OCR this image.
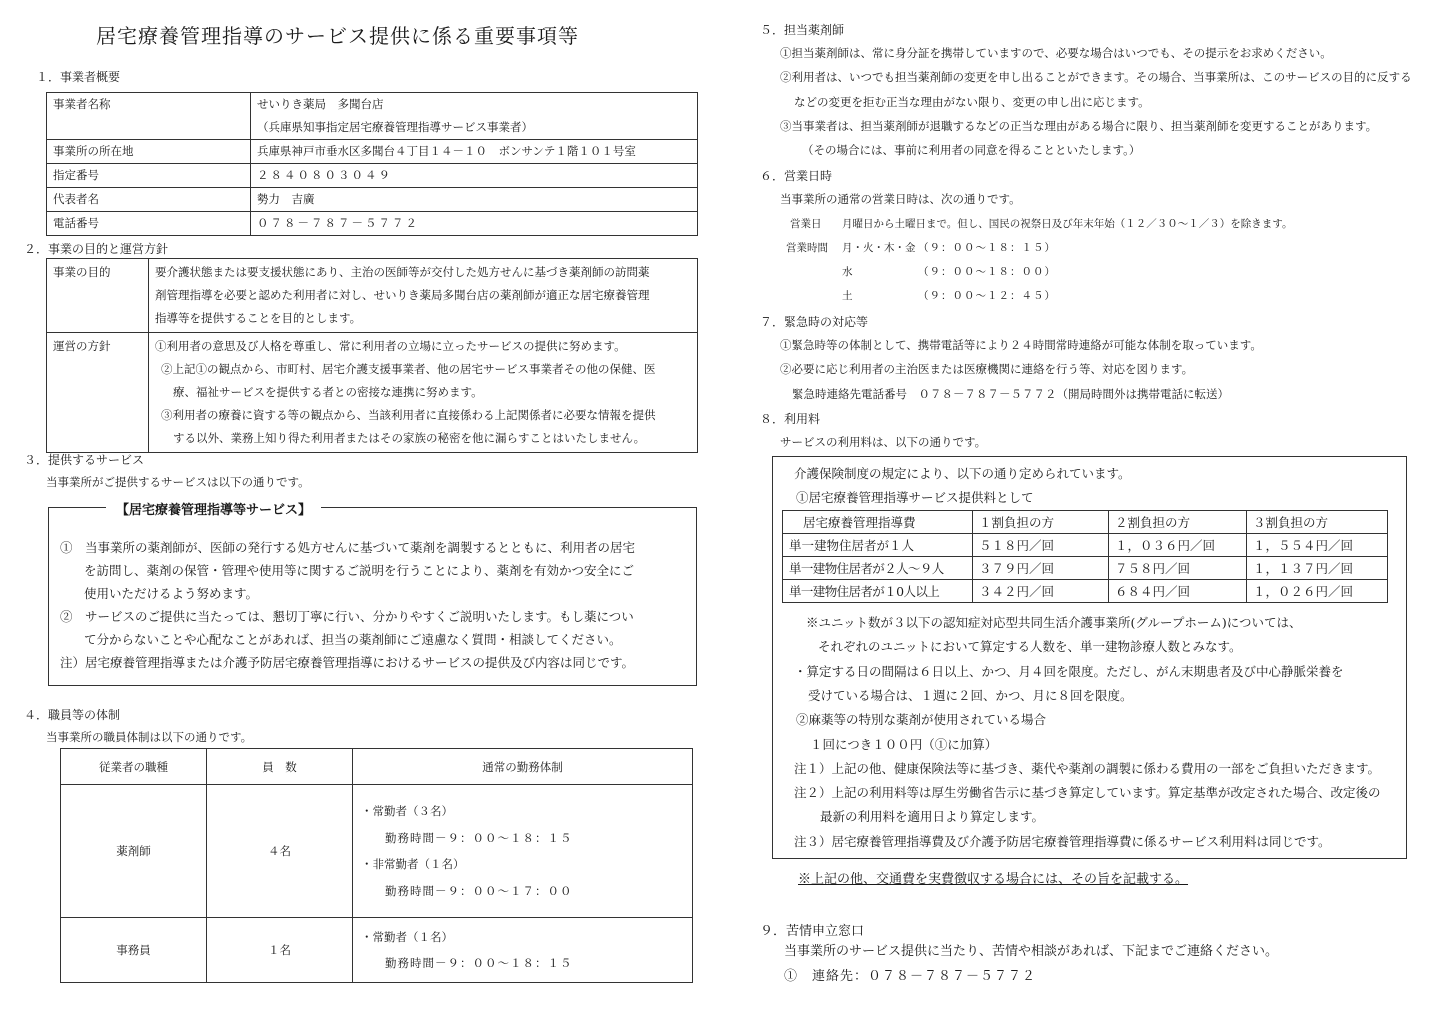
居宅療養管理指導のサービス提供に係る重要事項等
１．事業者概要
事業者名称	せいりき薬局　多聞台店
（兵庫県知事指定居宅療養管理指導サービス事業者）

事業所の所在地	兵庫県神戸市垂水区多聞台４丁目１４－１０　ボンサンテ１階１０１号室
指定番号	２８４０８０３０４９
代表者名	勢力　吉廣
電話番号	０７８－７８７－５７７２
２．事業の目的と運営方針
事業の目的	要介護状態または要支援状態にあり、主治の医師等が交付した処方せんに基づき薬剤師の訪問薬
剤管理指導を必要と認めた利用者に対し、せいりき薬局多聞台店の薬剤師が適正な居宅療養管理
指導等を提供することを目的とします。

運営の方針	①利用者の意思及び人格を尊重し、常に利用者の立場に立ったサービスの提供に努めます。
②上記①の観点から、市町村、居宅介護支援事業者、他の居宅サービス事業者その他の保健、医
療、福祉サービスを提供する者との密接な連携に努めます。
③利用者の療養に資する等の観点から、当該利用者に直接係わる上記関係者に必要な情報を提供
する以外、業務上知り得た利用者またはその家族の秘密を他に漏らすことはいたしません。
３．提供するサービス
当事業所がご提供するサービスは以下の通りです。
【居宅療養管理指導等サービス】
①　当事業所の薬剤師が、医師の発行する処方せんに基づいて薬剤を調製するとともに、利用者の居宅
を訪問し、薬剤の保管・管理や使用等に関するご説明を行うことにより、薬剤を有効かつ安全にご
使用いただけるよう努めます。
②　サービスのご提供に当たっては、懇切丁寧に行い、分かりやすくご説明いたします。もし薬につい
て分からないことや心配なことがあれば、担当の薬剤師にご遠慮なく質問・相談してください。
注）居宅療養管理指導または介護予防居宅療養管理指導におけるサービスの提供及び内容は同じです。
４．職員等の体制
当事業所の職員体制は以下の通りです。
従業者の職種	員　数	通常の勤務体制
薬剤師	４名	・常勤者（３名）
勤務時間－９：００～１８：１５
・非常勤者（１名）
勤務時間－９：００～１７：００

事務員	１名	・常勤者（１名）
勤務時間－９：００～１８：１５
５．担当薬剤師
①担当薬剤師は、常に身分証を携帯していますので、必要な場合はいつでも、その提示をお求めください。
②利用者は、いつでも担当薬剤師の変更を申し出ることができます。その場合、当事業所は、このサービスの目的に反する
などの変更を拒む正当な理由がない限り、変更の申し出に応じます。
③当事業者は、担当薬剤師が退職するなどの正当な理由がある場合に限り、担当薬剤師を変更することがあります。
（その場合には、事前に利用者の同意を得ることといたします。）
６．営業日時
当事業所の通常の営業日時は、次の通りです。
営業日 月曜日から土曜日まで。但し、国民の祝祭日及び年末年始（１２／３０～１／３）を除きます。
営業時間 月・火・木・金 （９：００～１８：１５）
水	（９：００～１８：００）
土	（９：００～１２：４５）
７．緊急時の対応等
①緊急時等の体制として、携帯電話等により２４時間常時連絡が可能な体制を取っています。
②必要に応じ利用者の主治医または医療機関に連絡を行う等、対応を図ります。
緊急時連絡先電話番号　０７８－７８７－５７７２（開局時間外は携帯電話に転送）
８．利用料
サービスの利用料は、以下の通りです。
介護保険制度の規定により、以下の通り定められています。
①居宅療養管理指導サービス提供料として
居宅療養管理指導費	１割負担の方	２割負担の方	３割負担の方
単一建物住居者が１人	５１８円／回	１，０３６円／回	１，５５４円／回
単一建物住居者が２人～９人	３７９円／回	７５８円／回	１，１３７円／回
単一建物住居者が１0人以上	３４２円／回	６８４円／回	１，０２６円／回
※ユニット数が３以下の認知症対応型共同生活介護事業所(グループホーム)については、
それぞれのユニットにおいて算定する人数を、単一建物診療人数とみなす。
・算定する日の間隔は６日以上、かつ、月４回を限度。ただし、がん末期患者及び中心静脈栄養を
受けている場合は、１週に２回、かつ、月に８回を限度。
②麻薬等の特別な薬剤が使用されている場合
１回につき１００円（①に加算）
注１）上記の他、健康保険法等に基づき、薬代や薬剤の調製に係わる費用の一部をご負担いただきます。
注２）上記の利用料等は厚生労働省告示に基づき算定しています。算定基準が改定された場合、改定後の
最新の利用料を適用日より算定します。
注３）居宅療養管理指導費及び介護予防居宅療養管理指導費に係るサービス利用料は同じです。
※上記の他、交通費を実費徴収する場合には、その旨を記載する。
９．苦情申立窓口
当事業所のサービス提供に当たり、苦情や相談があれば、下記までご連絡ください。
①　連絡先：０７８－７８７－５７７２
